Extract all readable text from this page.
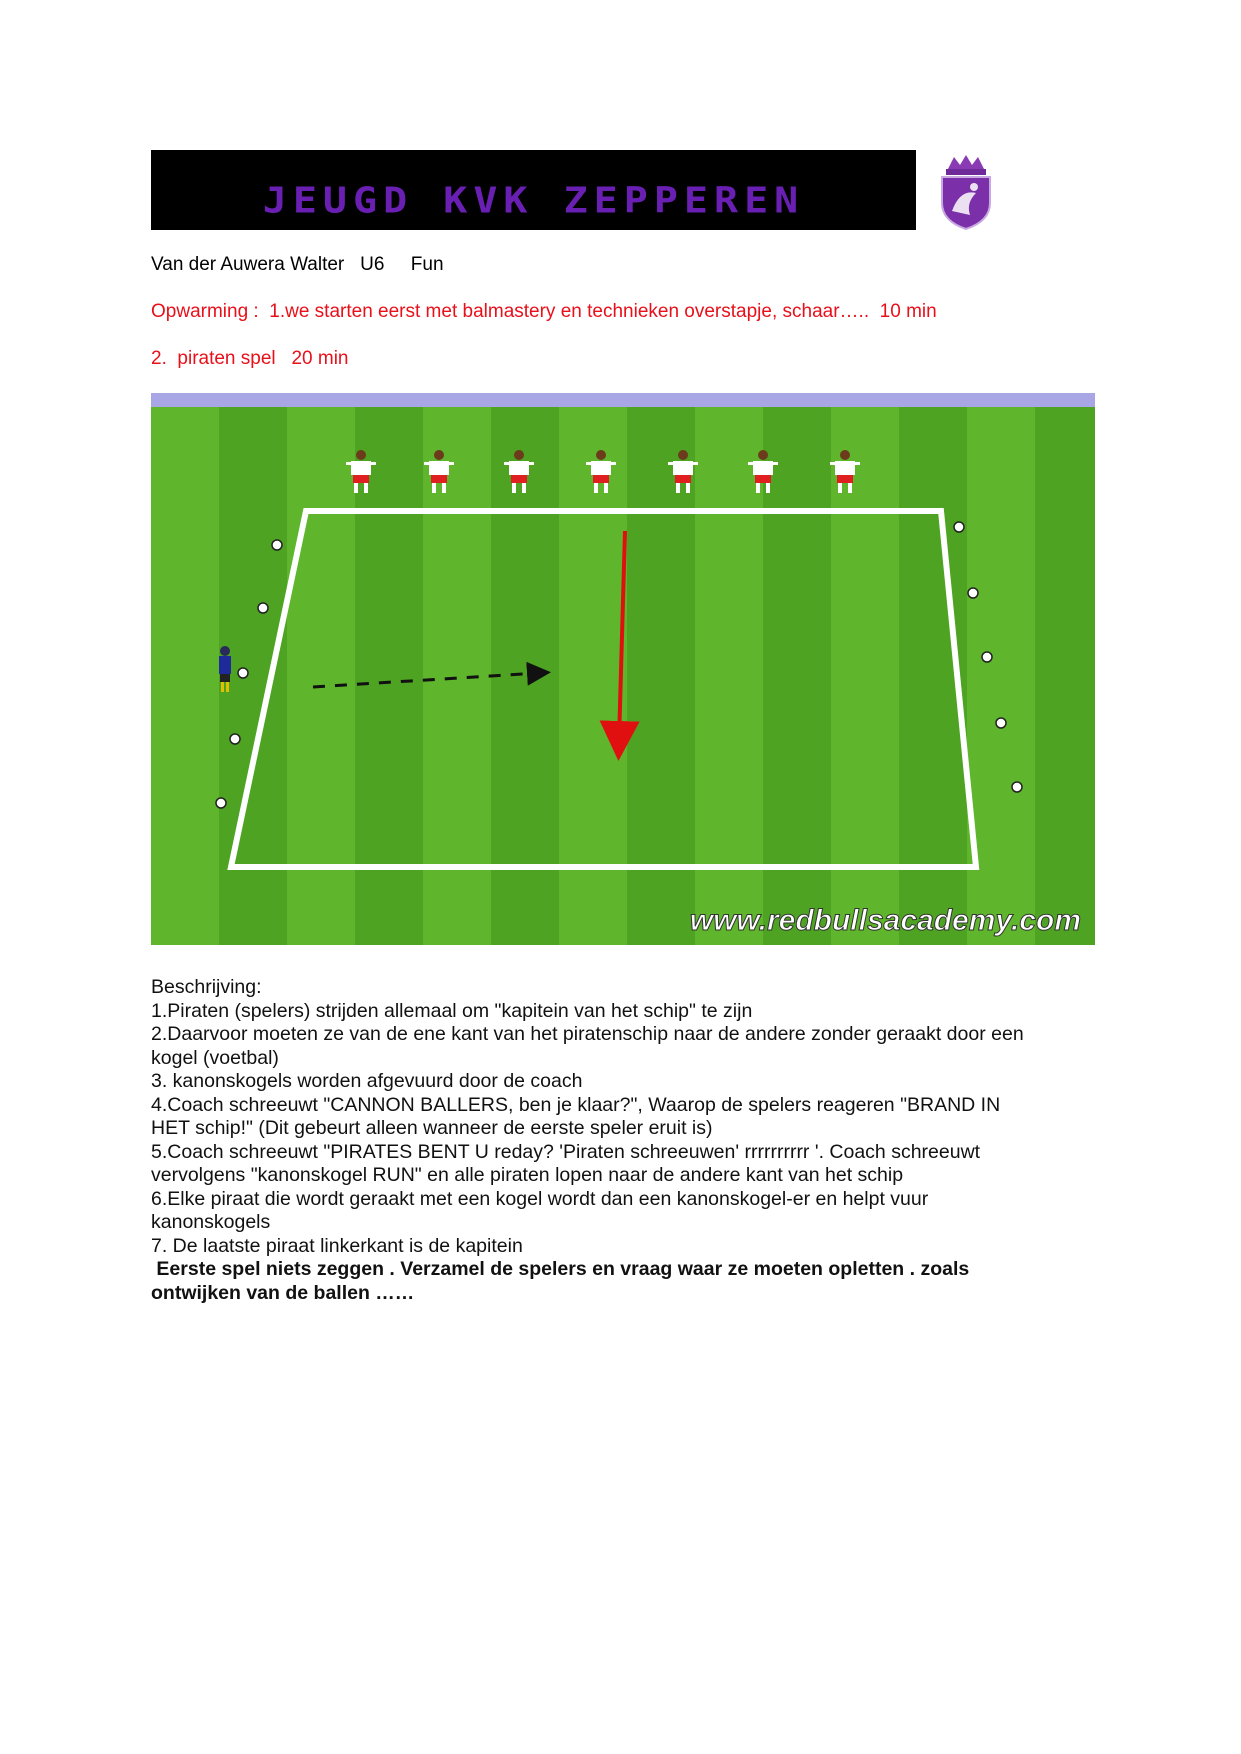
JEUGD KVK ZEPPEREN
Van der Auwera Walter   U6     Fun
Opwarming :  1.we starten eerst met balmastery en technieken overstapje, schaar…..  10 min
2.  piraten spel   20 min
www.redbullsacademy.com
Beschrijving:
1.Piraten (spelers) strijden allemaal om "kapitein van het schip" te zijn
2.Daarvoor moeten ze van de ene kant van het piratenschip naar de andere zonder geraakt door een
kogel (voetbal)
3. kanonskogels worden afgevuurd door de coach
4.Coach schreeuwt "CANNON BALLERS, ben je klaar?", Waarop de spelers reageren "BRAND IN
HET schip!" (Dit gebeurt alleen wanneer de eerste speler eruit is)
5.Coach schreeuwt "PIRATES BENT U reday? 'Piraten schreeuwen' rrrrrrrrrr '. Coach schreeuwt
vervolgens "kanonskogel RUN" en alle piraten lopen naar de andere kant van het schip
6.Elke piraat die wordt geraakt met een kogel wordt dan een kanonskogel-er en helpt vuur
kanonskogels
7. De laatste piraat linkerkant is de kapitein
Eerste spel niets zeggen . Verzamel de spelers en vraag waar ze moeten opletten . zoals
ontwijken van de ballen ……
